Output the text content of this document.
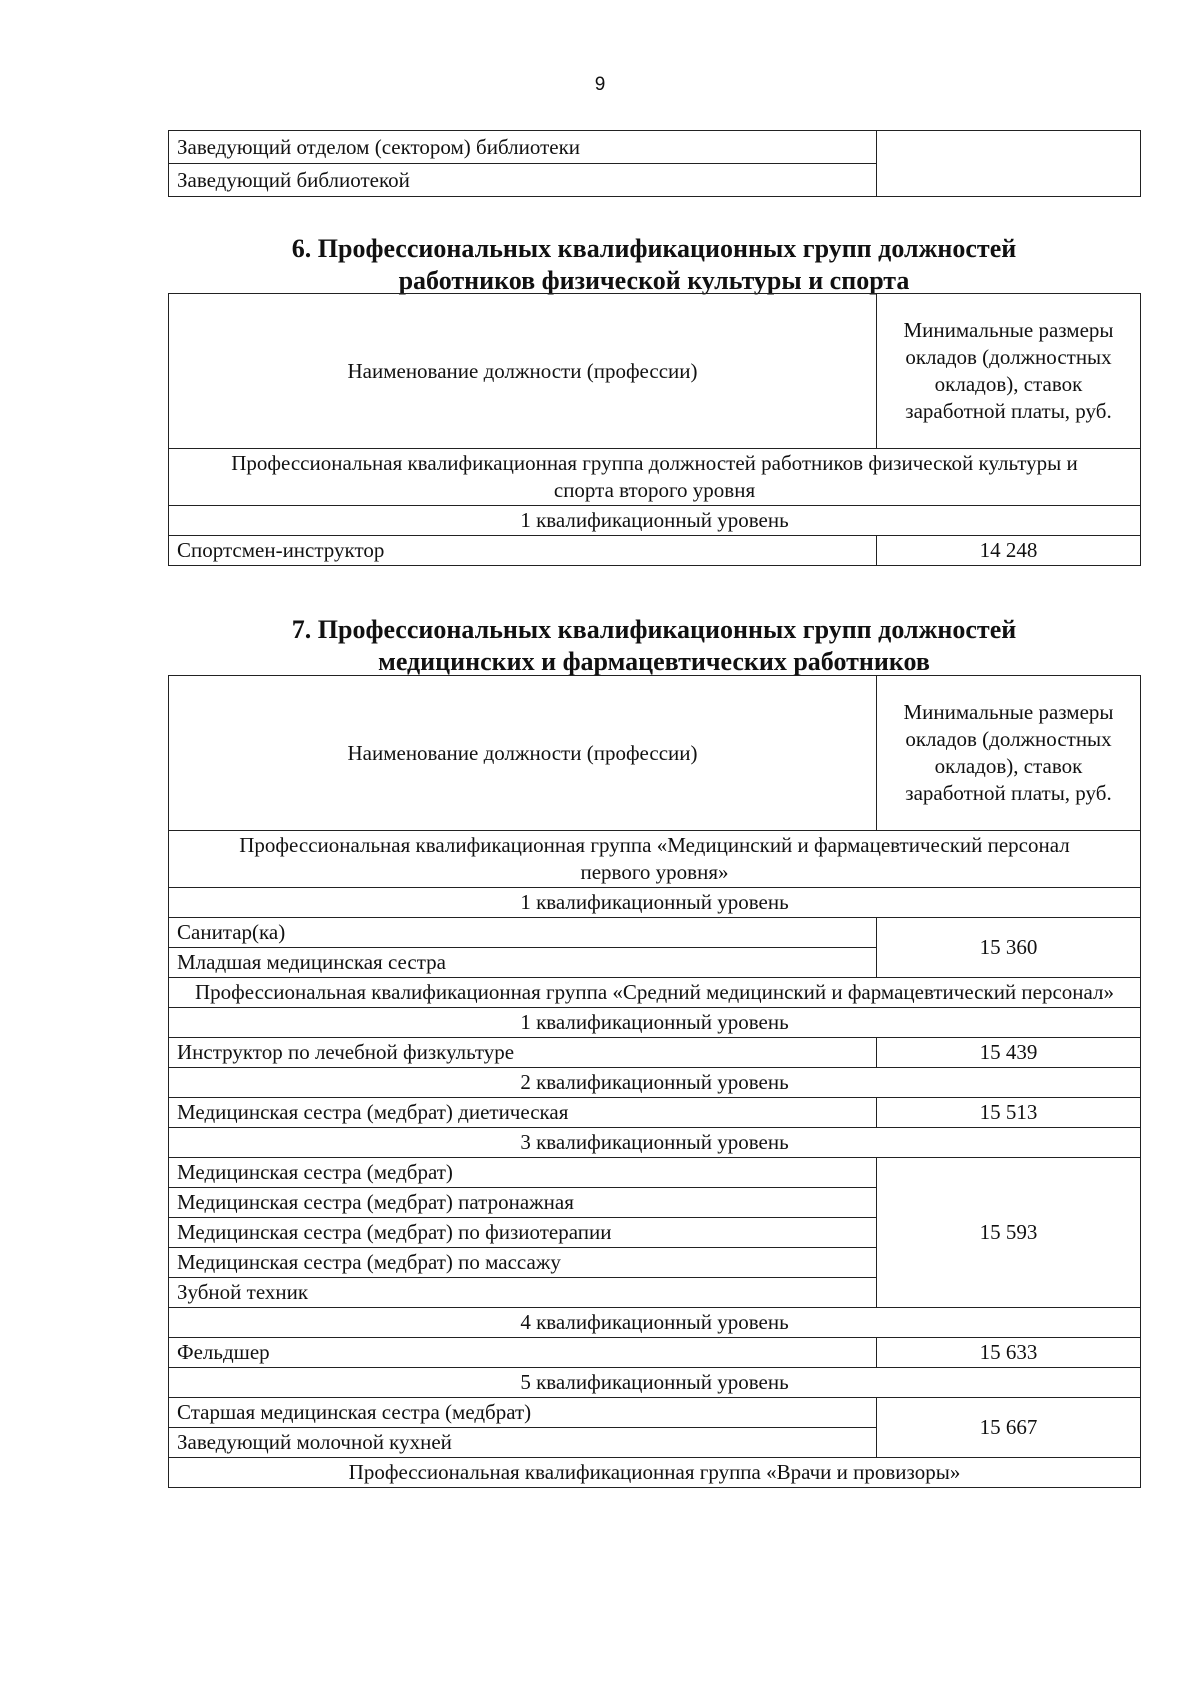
9
Заведующий отделом (сектором) библиотеки	
Заведующий библиотекой
6. Профессиональных квалификационных групп должностей
работников физической культуры и спорта
Наименование должности (профессии)	Минимальные размеры окладов (должностных окладов), ставок заработной платы, руб.
Профессиональная квалификационная группа должностей работников физической культуры и спорта второго уровня	
1 квалификационный уровень	
Спортсмен-инструктор	14 248
7. Профессиональных квалификационных групп должностей
медицинских и фармацевтических работников
Наименование должности (профессии)	Минимальные размеры окладов (должностных окладов), ставок заработной платы, руб.
Профессиональная квалификационная группа «Медицинский и фармацевтический персонал первого уровня»	
1 квалификационный уровень	
Санитар(ка)	15 360
Младшая медицинская сестра	
Профессиональная квалификационная группа «Средний медицинский и фармацевтический персонал»	
1 квалификационный уровень	
Инструктор по лечебной физкультуре	15 439
2 квалификационный уровень	
Медицинская сестра (медбрат) диетическая	15 513
3 квалификационный уровень	
Медицинская сестра (медбрат)	15 593
Медицинская сестра (медбрат) патронажная	
Медицинская сестра (медбрат) по физиотерапии	
Медицинская сестра (медбрат) по массажу	
Зубной техник	
4 квалификационный уровень	
Фельдшер	15 633
5 квалификационный уровень	
Старшая медицинская сестра (медбрат)	15 667
Заведующий молочной кухней	
Профессиональная квалификационная группа «Врачи и провизоры»	
